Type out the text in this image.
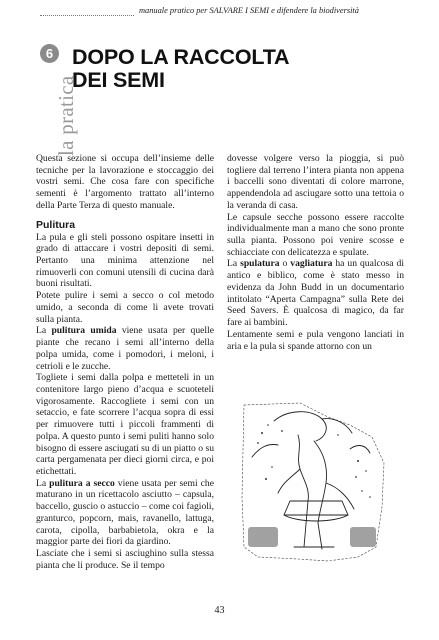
manuale pratico per SALVARE I SEMI e difendere la biodiversità
6
la pratica
DOPO LA RACCOLTA
DEI SEMI

Questa sezione si occupa dell’insieme delle tecniche per la lavorazione e stoccaggio dei vostri semi. Che cosa fare con specifiche sementi è l’argomento trattato all’interno della Parte Terza di questo manuale.

Pulitura

La pula e gli steli possono ospitare insetti in grado di attaccare i vostri depositi di semi. Pertanto una minima attenzione nel rimuoverli con comuni utensili di cucina darà buoni risultati.

Potete pulire i semi a secco o col metodo umido, a seconda di come li avete trovati sulla pianta.

La pulitura umida viene usata per quelle piante che recano i semi all’interno della polpa umida, come i pomodori, i meloni, i cetrioli e le zucche.

Togliete i semi dalla polpa e metteteli in un contenitore largo pieno d’acqua e scuoteteli vigorosamente. Raccogliete i semi con un setaccio, e fate scorrere l’acqua sopra di essi per rimuovere tutti i piccoli frammenti di polpa. A questo punto i semi puliti hanno solo bisogno di essere asciugati su di un piatto o su carta pergamenata per dieci giorni circa, e poi etichettati.

La pulitura a secco viene usata per semi che maturano in un ricettacolo asciutto – capsula, baccello, guscio o astuccio – come coi fagioli, granturco, popcorn, mais, ravanello, lattuga, carota, cipolla, barbabietola, okra e la maggior parte dei fiori da giardino.

Lasciate che i semi si asciughino sulla stessa pianta che li produce. Se il tempo

dovesse volgere verso la pioggia, si può togliere dal terreno l’intera pianta non appena i baccelli sono diventati di colore marrone, appendendola ad asciugare sotto una tettoia o la veranda di casa.

Le capsule secche possono essere raccolte individualmente man a mano che sono pronte sulla pianta. Possono poi venire scosse e schiacciate con delicatezza e spulate.

La spulatura o vagliatura ha un qualcosa di antico e biblico, come è stato messo in evidenza da John Budd in un documentario intitolato “Aperta Campagna” sulla Rete dei Seed Savers. È qualcosa di magico, da far fare ai bambini.

Lentamente semi e pula vengono lanciati in aria e la pula si spande attorno con un

43
